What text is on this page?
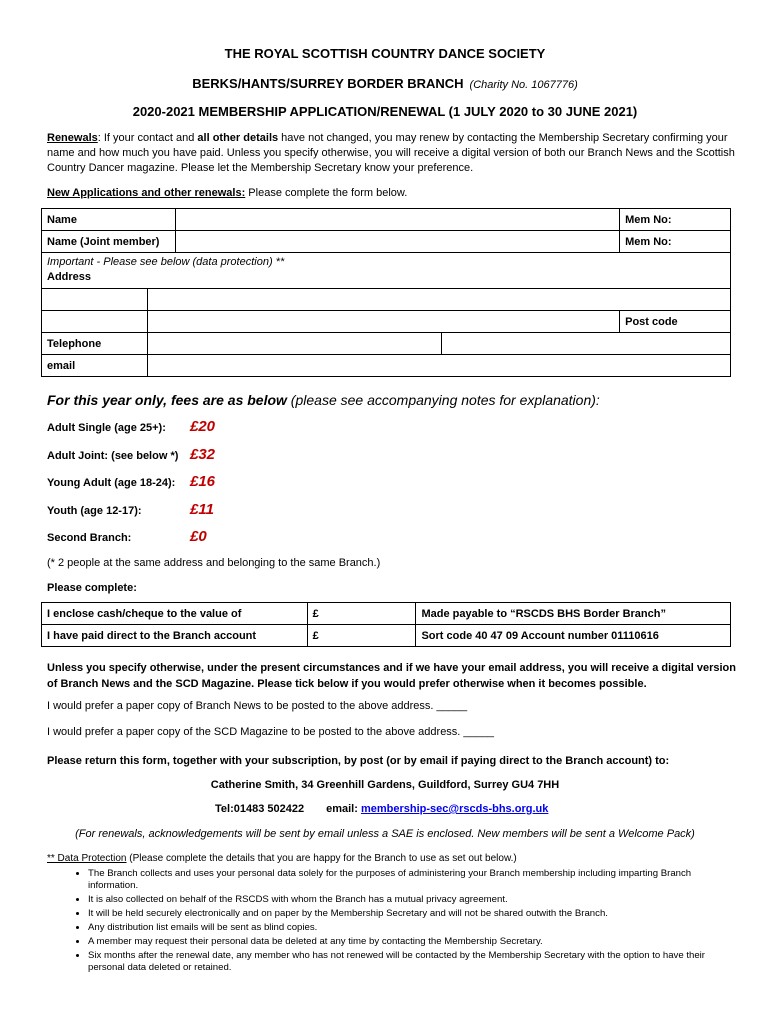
THE ROYAL SCOTTISH COUNTRY DANCE SOCIETY
BERKS/HANTS/SURREY BORDER BRANCH (Charity No. 1067776)
2020-2021 MEMBERSHIP APPLICATION/RENEWAL (1 JULY 2020 to 30 JUNE 2021)
Renewals: If your contact and all other details have not changed, you may renew by contacting the Membership Secretary confirming your name and how much you have paid. Unless you specify otherwise, you will receive a digital version of both our Branch News and the Scottish Country Dancer magazine. Please let the Membership Secretary know your preference.
New Applications and other renewals: Please complete the form below.
Name				Mem No:
Name (Joint member)				Mem No:

Important - Please see below (data protection) **
Address				

				Post code
Telephone				
email				
For this year only, fees are as below (please see accompanying notes for explanation):
Adult Single (age 25+): £20
Adult Joint: (see below *) £32
Young Adult (age 18-24): £16
Youth (age 12-17):	£11
Second Branch:	£0
(* 2 people at the same address and belonging to the same Branch.)
Please complete:
I enclose cash/cheque to the value of	£	Made payable to “RSCDS BHS Border Branch”
I have paid direct to the Branch account	£	Sort code 40 47 09 Account number 01110616
Unless you specify otherwise, under the present circumstances and if we have your email address, you will receive a digital version of Branch News and the SCD Magazine. Please tick below if you would prefer otherwise when it becomes possible.
I would prefer a paper copy of Branch News to be posted to the above address. _____
I would prefer a paper copy of the SCD Magazine to be posted to the above address. _____
Please return this form, together with your subscription, by post (or by email if paying direct to the Branch account) to:
Catherine Smith, 34 Greenhill Gardens, Guildford, Surrey GU4 7HH
Tel:01483 502422 email: membership-sec@rscds-bhs.org.uk
(For renewals, acknowledgements will be sent by email unless a SAE is enclosed. New members will be sent a Welcome Pack)
** Data Protection (Please complete the details that you are happy for the Branch to use as set out below.)
• The Branch collects and uses your personal data solely for the purposes of administering your Branch membership including imparting Branch information.
• It is also collected on behalf of the RSCDS with whom the Branch has a mutual privacy agreement.
• It will be held securely electronically and on paper by the Membership Secretary and will not be shared outwith the Branch.
• Any distribution list emails will be sent as blind copies.
• A member may request their personal data be deleted at any time by contacting the Membership Secretary.
• Six months after the renewal date, any member who has not renewed will be contacted by the Membership Secretary with the option to have their personal data deleted or retained.
